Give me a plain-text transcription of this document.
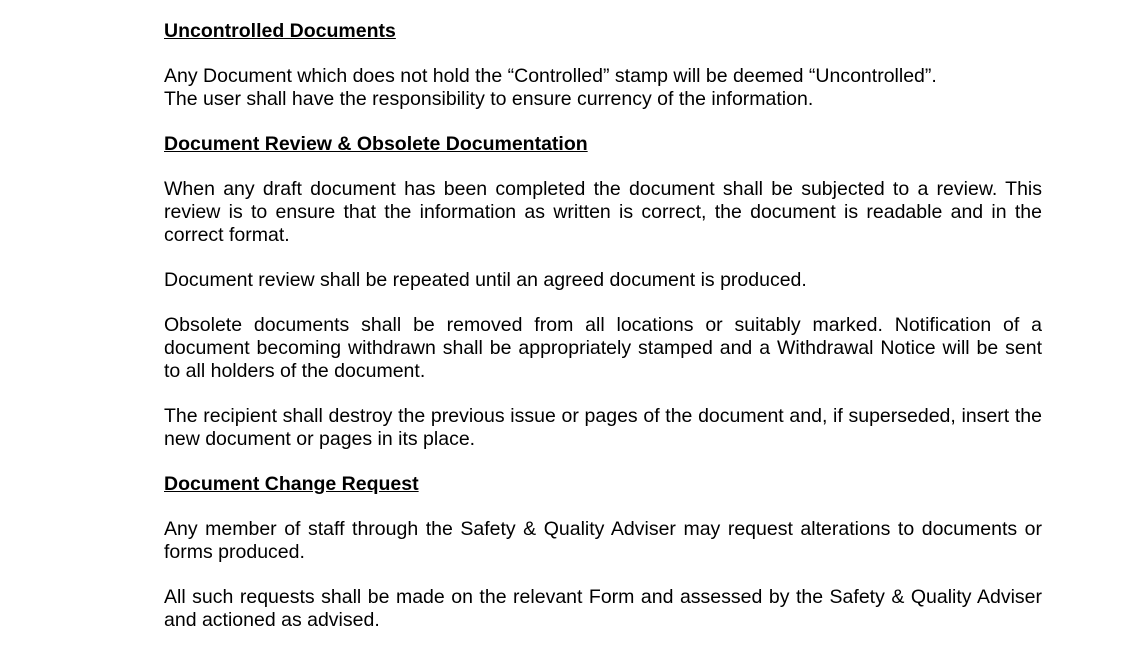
Uncontrolled Documents
Any Document which does not hold the “Controlled” stamp will be deemed “Uncontrolled”.
The user shall have the responsibility to ensure currency of the information.
Document Review & Obsolete Documentation
When any draft document has been completed the document shall be subjected to a review. This review is to ensure that the information as written is correct, the document is readable and in the correct format.
Document review shall be repeated until an agreed document is produced.
Obsolete documents shall be removed from all locations or suitably marked. Notification of a document becoming withdrawn shall be appropriately stamped and a Withdrawal Notice will be sent to all holders of the document.
The recipient shall destroy the previous issue or pages of the document and, if superseded, insert the new document or pages in its place.
Document Change Request
Any member of staff through the Safety & Quality Adviser may request alterations to documents or forms produced.
All such requests shall be made on the relevant Form and assessed by the Safety & Quality Adviser and actioned as advised.
